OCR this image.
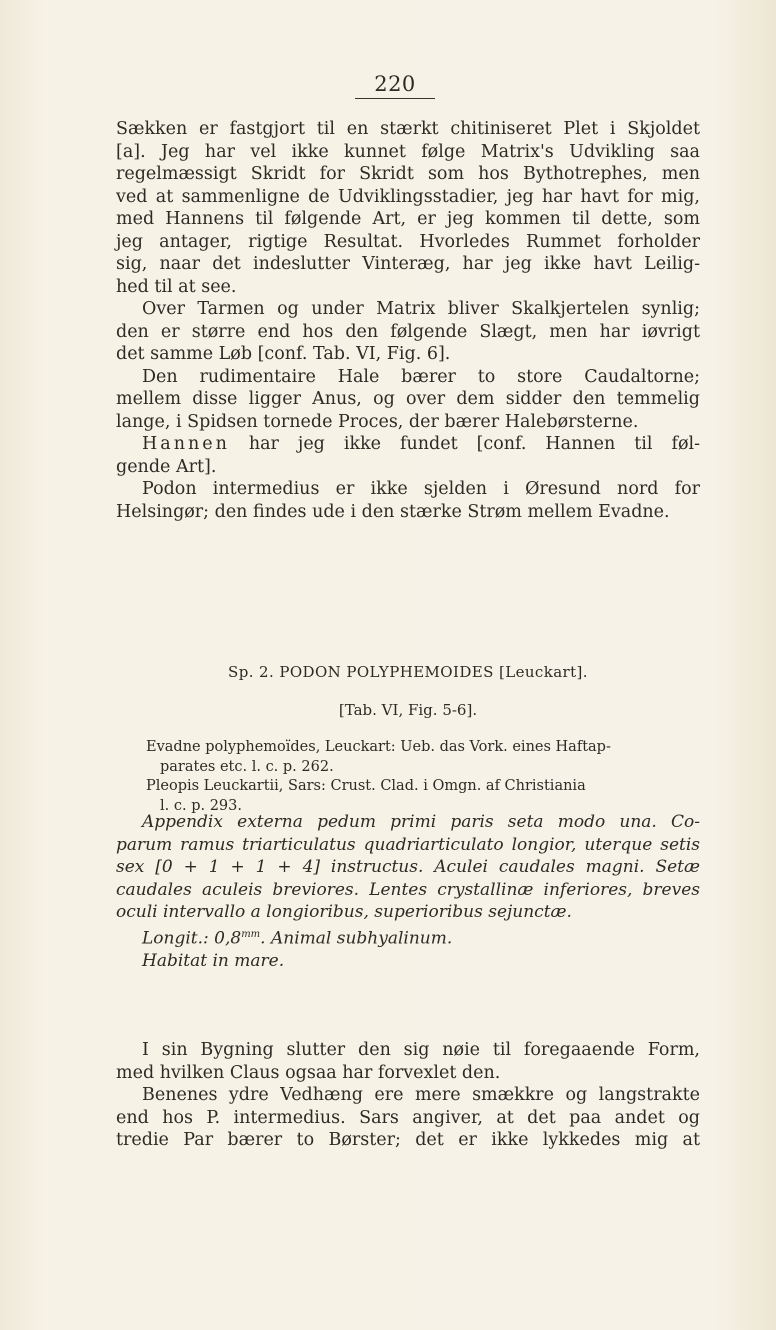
220
Sækken er fastgjort til en stærkt chitiniseret Plet i Skjoldet
[a]. Jeg har vel ikke kunnet følge Matrix's Udvikling saa
regelmæssigt Skridt for Skridt som hos Bythotrephes, men
ved at sammenligne de Udviklingsstadier, jeg har havt for mig,
med Hannens til følgende Art, er jeg kommen til dette, som
jeg antager, rigtige Resultat. Hvorledes Rummet forholder
sig, naar det indeslutter Vinteræg, har jeg ikke havt Leilig-
hed til at see.
Over Tarmen og under Matrix bliver Skalkjertelen synlig;
den er større end hos den følgende Slægt, men har iøvrigt
det samme Løb [conf. Tab. VI, Fig. 6].
Den rudimentaire Hale bærer to store Caudaltorne;
mellem disse ligger Anus, og over dem sidder den temmelig
lange, i Spidsen tornede Proces, der bærer Halebørsterne.
Hannen har jeg ikke fundet [conf. Hannen til føl-
gende Art].
Podon intermedius er ikke sjelden i Øresund nord for
Helsingør; den findes ude i den stærke Strøm mellem Evadne.
Sp. 2. PODON POLYPHEMOIDES [Leuckart].
[Tab. VI, Fig. 5-6].
Evadne polyphemoïdes, Leuckart: Ueb. das Vork. eines Haftap-
parates etc. l. c. p. 262.
Pleopis Leuckartii, Sars: Crust. Clad. i Omgn. af Christiania
l. c. p. 293.
Appendix externa pedum primi paris seta modo una. Co-
parum ramus triarticulatus quadriarticulato longior, uterque setis
sex [0 + 1 + 1 + 4] instructus. Aculei caudales magni. Setæ
caudales aculeis breviores. Lentes crystallinæ inferiores, breves
oculi intervallo a longioribus, superioribus sejunctæ.
Longit.: $0,8^{mm}$. Animal subhyalinum.
Habitat in mare.
I sin Bygning slutter den sig nøie til foregaaende Form,
med hvilken Claus ogsaa har forvexlet den.
Benenes ydre Vedhæng ere mere smækkre og langstrakte
end hos P. intermedius. Sars angiver, at det paa andet og
tredie Par bærer to Børster; det er ikke lykkedes mig at
